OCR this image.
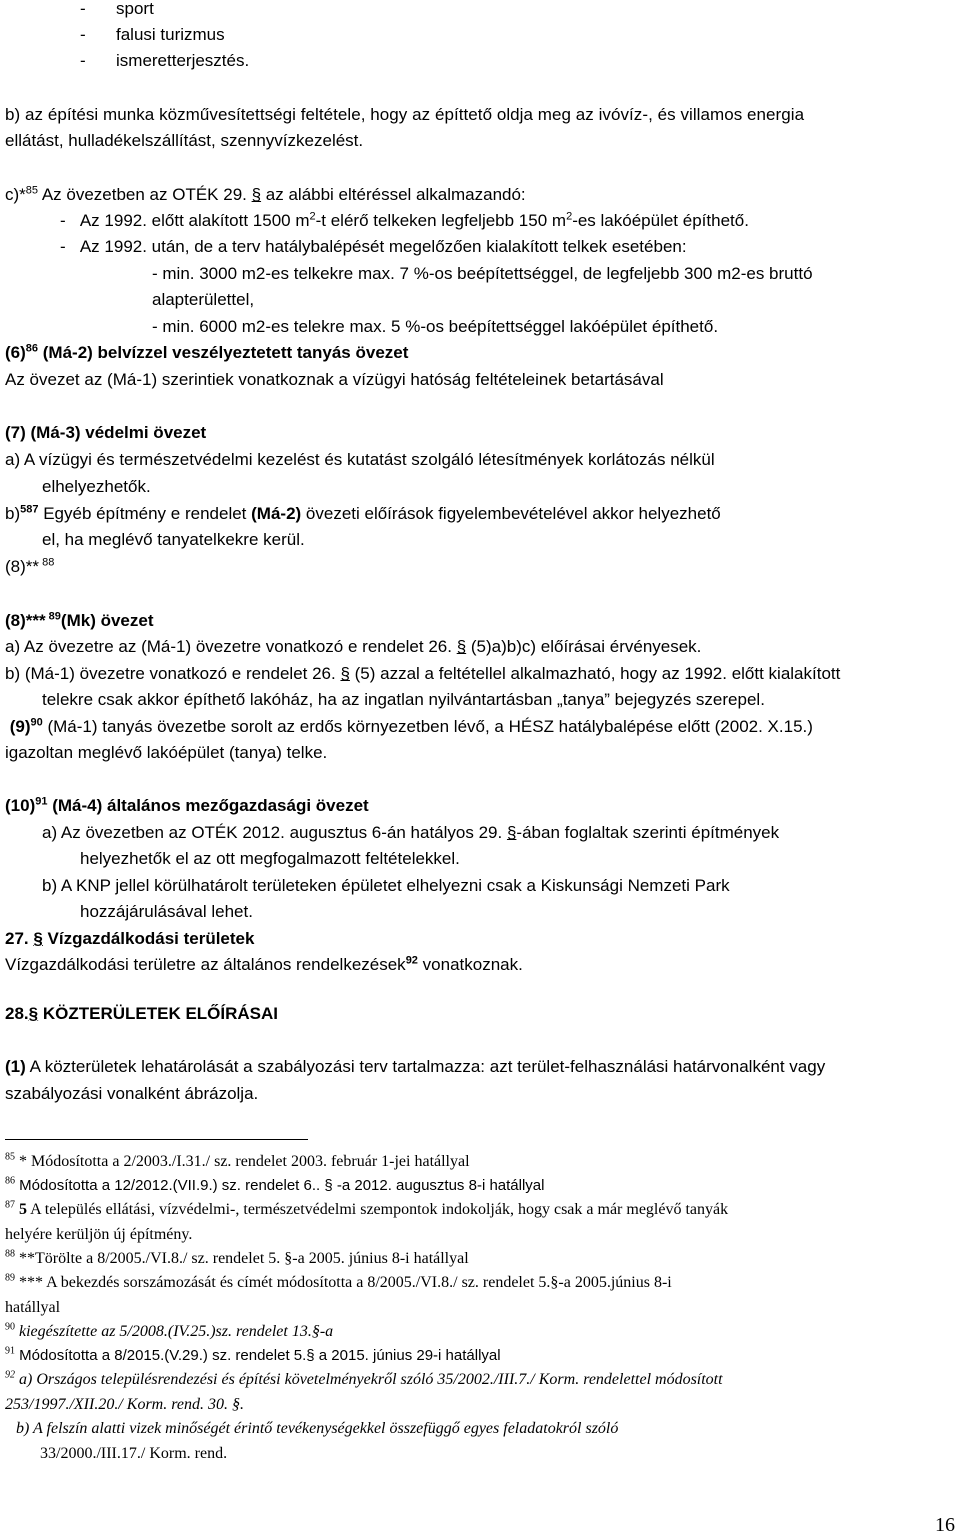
- sport
- falusi turizmus
- ismeretterjesztés.
b) az építési munka közművesítettségi feltétele, hogy az építtető oldja meg az ivóvíz-, és villamos energia
ellátást, hulladékelszállítást, szennyvízkezelést.
c)*$^{85}$ Az övezetben az OTÉK 29. § az alábbi eltéréssel alkalmazandó:
-   Az 1992. előtt alakított 1500 $m^2-t$ elérő telkeken legfeljebb 150 $m^2-es$ lakóépület építhető.
-   Az 1992. után, de a terv hatálybalépését megelőzően kialakított telkek esetében:
- min. 3000 m2-es telkekre max. 7 %-os beépítettséggel, de legfeljebb 300 m2-es bruttó
alapterülettel,
- min. 6000 m2-es telekre max. 5 %-os beépítettséggel lakóépület építhető.
$(6)^{86}$ (Má-2) belvízzel veszélyeztetett tanyás övezet
Az övezet az (Má-1) szerintiek vonatkoznak a vízügyi hatóság feltételeinek betartásával
(7) (Má-3) védelmi övezet
a) A vízügyi és természetvédelmi kezelést és kutatást szolgáló létesítmények korlátozás nélkül
elhelyezhetők.
b)$^{587}$ Egyéb építmény e rendelet (Má-2) övezeti előírások figyelembevételével akkor helyezhető
el, ha meglévő tanyatelkekre kerül.
(8)** $^{88}$
(8)*** $^{89}$(Mk) övezet
a) Az övezetre az (Má-1) övezetre vonatkozó e rendelet 26. § (5)a)b)c) előírásai érvényesek.
b) (Má-1) övezetre vonatkozó e rendelet 26. § (5) azzal a feltétellel alkalmazható, hogy az 1992. előtt kialakított
telekre csak akkor építhető lakóház, ha az ingatlan nyilvántartásban „tanya” bejegyzés szerepel.
$(9)^{90}$ (Má-1) tanyás övezetbe sorolt az erdős környezetben lévő, a HÉSZ hatálybalépése előtt (2002. X.15.)
igazoltan meglévő lakóépület (tanya) telke.
$(10)^{91}$ (Má-4) általános mezőgazdasági övezet
a) Az övezetben az OTÉK 2012. augusztus 6-án hatályos 29. §-ában foglaltak szerinti építmények
helyezhetők el az ott megfogalmazott feltételekkel.
b) A KNP jellel körülhatárolt területeken épületet elhelyezni csak a Kiskunsági Nemzeti Park
hozzájárulásával lehet.
27. § Vízgazdálkodási területek
Vízgazdálkodási területre az általános rendelkezések$^{92}$ vonatkoznak.
28.§ KÖZTERÜLETEK ELŐÍRÁSAI
(1) A közterületek lehatárolását a szabályozási terv tartalmazza: azt terület-felhasználási határvonalként vagy
szabályozási vonalként ábrázolja.
$^{85}$ * Módosította a 2/2003./I.31./ sz. rendelet 2003. február 1-jei hatállyal
$^{86}$ Módosította a 12/2012.(VII.9.) sz. rendelet 6.. § -a 2012. augusztus 8-i hatállyal
$^{87}$ 5 A település ellátási, vízvédelmi-, természetvédelmi szempontok indokolják, hogy csak a már meglévő tanyák
helyére kerüljön új építmény.
$^{88}$ **Törölte a 8/2005./VI.8./ sz. rendelet 5. §-a 2005. június 8-i hatállyal
$^{89}$ *** A bekezdés sorszámozását és címét módosította a 8/2005./VI.8./ sz. rendelet 5.§-a 2005.június 8-i
hatállyal
$^{90}$ kiegészítette az 5/2008.(IV.25.)sz. rendelet 13.§-a
$^{91}$ Módosította a 8/2015.(V.29.) sz. rendelet 5.§ a 2015. június 29-i hatállyal
$^{92}$ a) Országos településrendezési és építési követelményekről szóló 35/2002./III.7./ Korm. rendelettel módosított
253/1997./XII.20./ Korm. rend. 30. §.
b) A felszín alatti vizek minőségét érintő tevékenységekkel összefüggő egyes feladatokról szóló
33/2000./III.17./ Korm. rend.
16
